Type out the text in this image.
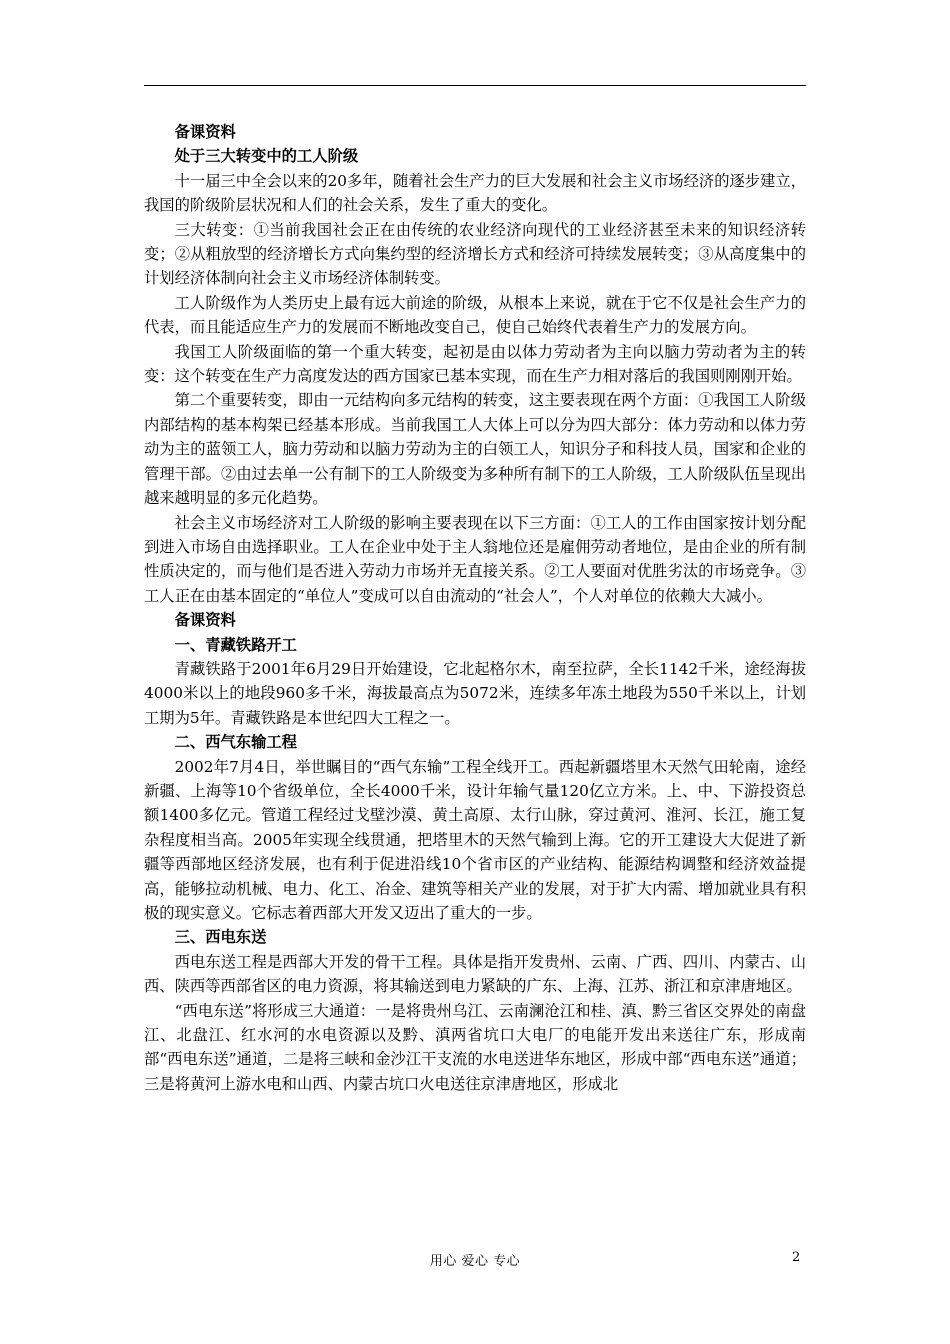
备课资料

处于三大转变中的工人阶级

十一届三中全会以来的20多年，随着社会生产力的巨大发展和社会主义市场经济的逐步建立，我国的阶级阶层状况和人们的社会关系，发生了重大的变化。

三大转变：①当前我国社会正在由传统的农业经济向现代的工业经济甚至未来的知识经济转变；②从粗放型的经济增长方式向集约型的经济增长方式和经济可持续发展转变；③从高度集中的计划经济体制向社会主义市场经济体制转变。

工人阶级作为人类历史上最有远大前途的阶级，从根本上来说，就在于它不仅是社会生产力的代表，而且能适应生产力的发展而不断地改变自己，使自己始终代表着生产力的发展方向。

我国工人阶级面临的第一个重大转变，起初是由以体力劳动者为主向以脑力劳动者为主的转变：这个转变在生产力高度发达的西方国家已基本实现，而在生产力相对落后的我国则刚刚开始。

第二个重要转变，即由一元结构向多元结构的转变，这主要表现在两个方面：①我国工人阶级内部结构的基本构架已经基本形成。当前我国工人大体上可以分为四大部分：体力劳动和以体力劳动为主的蓝领工人，脑力劳动和以脑力劳动为主的白领工人，知识分子和科技人员，国家和企业的管理干部。②由过去单一公有制下的工人阶级变为多种所有制下的工人阶级，工人阶级队伍呈现出越来越明显的多元化趋势。

社会主义市场经济对工人阶级的影响主要表现在以下三方面：①工人的工作由国家按计划分配到进入市场自由选择职业。工人在企业中处于主人翁地位还是雇佣劳动者地位，是由企业的所有制性质决定的，而与他们是否进入劳动力市场并无直接关系。②工人要面对优胜劣汰的市场竞争。③工人正在由基本固定的“单位人”变成可以自由流动的“社会人”，个人对单位的依赖大大减小。

备课资料

一、青藏铁路开工

青藏铁路于2001年6月29日开始建设，它北起格尔木，南至拉萨，全长1142千米，途经海拔4000米以上的地段960多千米，海拔最高点为5072米，连续多年冻土地段为550千米以上，计划工期为5年。青藏铁路是本世纪四大工程之一。

二、西气东输工程

2002年7月4日，举世瞩目的“西气东输”工程全线开工。西起新疆塔里木天然气田轮南，途经新疆、上海等10个省级单位，全长4000千米，设计年输气量120亿立方米。上、中、下游投资总额1400多亿元。管道工程经过戈壁沙漠、黄土高原、太行山脉，穿过黄河、淮河、长江，施工复杂程度相当高。2005年实现全线贯通，把塔里木的天然气输到上海。它的开工建设大大促进了新疆等西部地区经济发展，也有利于促进沿线10个省市区的产业结构、能源结构调整和经济效益提高，能够拉动机械、电力、化工、冶金、建筑等相关产业的发展，对于扩大内需、增加就业具有积极的现实意义。它标志着西部大开发又迈出了重大的一步。

三、西电东送

西电东送工程是西部大开发的骨干工程。具体是指开发贵州、云南、广西、四川、内蒙古、山西、陕西等西部省区的电力资源，将其输送到电力紧缺的广东、上海、江苏、浙江和京津唐地区。

“西电东送”将形成三大通道：一是将贵州乌江、云南澜沧江和桂、滇、黔三省区交界处的南盘江、北盘江、红水河的水电资源以及黔、滇两省坑口大电厂的电能开发出来送往广东，形成南部“西电东送”通道，二是将三峡和金沙江干支流的水电送进华东地区，形成中部“西电东送”通道；三是将黄河上游水电和山西、内蒙古坑口火电送往京津唐地区，形成北

用心 爱心 专心	2
